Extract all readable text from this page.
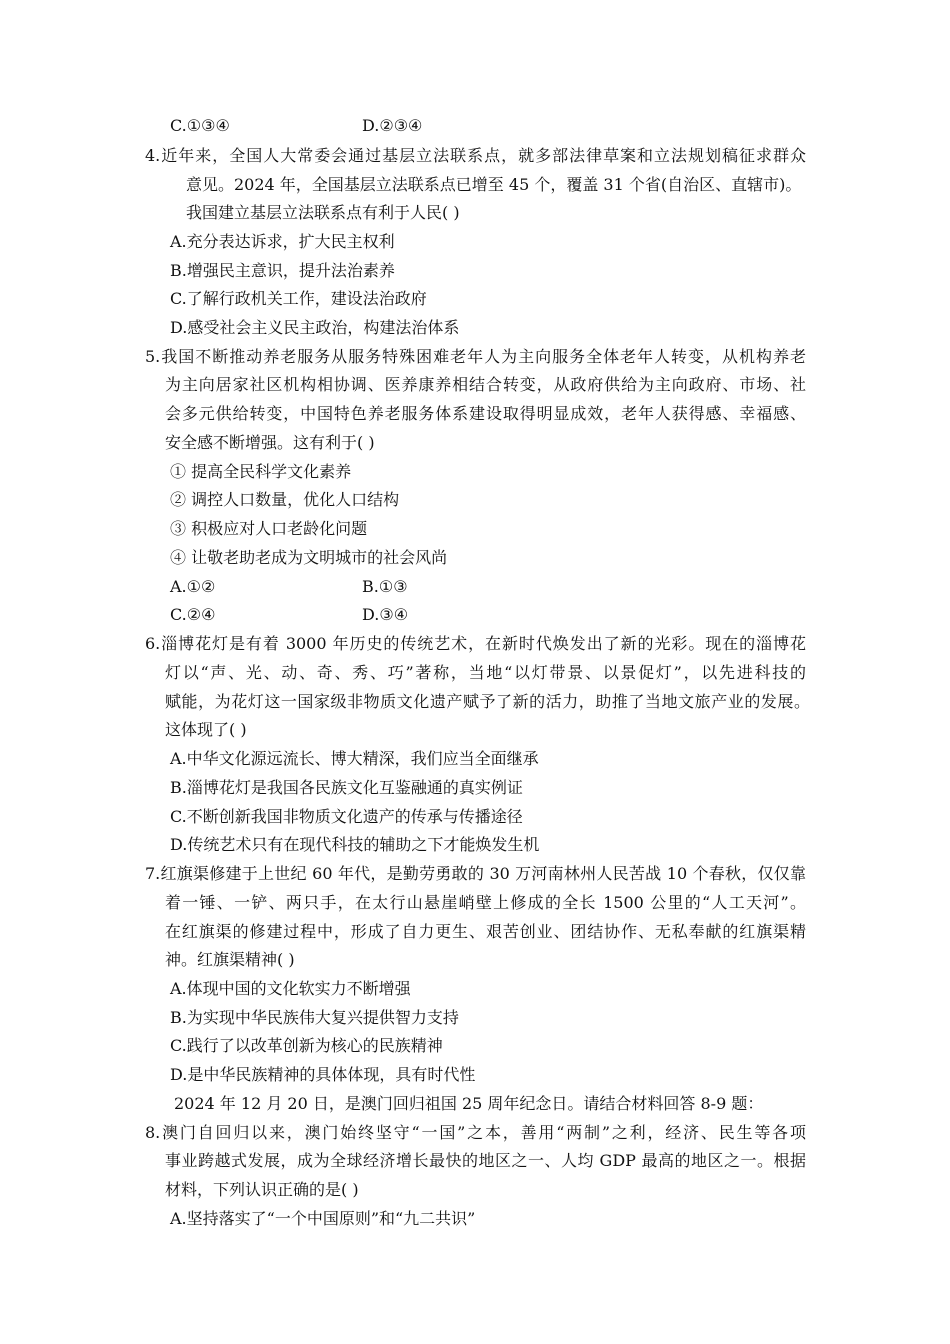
C.①③④	D.②③④
4.近年来，全国人大常委会通过基层立法联系点，就多部法律草案和立法规划稿征求群众
意见。2024 年，全国基层立法联系点已增至 45 个，覆盖 31 个省(自治区、直辖市)。
我国建立基层立法联系点有利于人民( )
A.充分表达诉求，扩大民主权利
B.增强民主意识，提升法治素养
C.了解行政机关工作，建设法治政府
D.感受社会主义民主政治，构建法治体系
5.我国不断推动养老服务从服务特殊困难老年人为主向服务全体老年人转变，从机构养老
为主向居家社区机构相协调、医养康养相结合转变，从政府供给为主向政府、市场、社
会多元供给转变，中国特色养老服务体系建设取得明显成效，老年人获得感、幸福感、
安全感不断增强。这有利于( )
① 提高全民科学文化素养
② 调控人口数量，优化人口结构
③ 积极应对人口老龄化问题
④ 让敬老助老成为文明城市的社会风尚
A.①②	B.①③
C.②④	D.③④
6.淄博花灯是有着 3000 年历史的传统艺术，在新时代焕发出了新的光彩。现在的淄博花
灯以“声、光、动、奇、秀、巧”著称，当地“以灯带景、以景促灯”，以先进科技的
赋能，为花灯这一国家级非物质文化遗产赋予了新的活力，助推了当地文旅产业的发展。
这体现了( )
A.中华文化源远流长、博大精深，我们应当全面继承
B.淄博花灯是我国各民族文化互鉴融通的真实例证
C.不断创新我国非物质文化遗产的传承与传播途径
D.传统艺术只有在现代科技的辅助之下才能焕发生机
7.红旗渠修建于上世纪 60 年代，是勤劳勇敢的 30 万河南林州人民苦战 10 个春秋，仅仅靠
着一锤、一铲、两只手，在太行山悬崖峭壁上修成的全长 1500 公里的“人工天河”。
在红旗渠的修建过程中，形成了自力更生、艰苦创业、团结协作、无私奉献的红旗渠精
神。红旗渠精神( )
A.体现中国的文化软实力不断增强
B.为实现中华民族伟大复兴提供智力支持
C.践行了以改革创新为核心的民族精神
D.是中华民族精神的具体体现，具有时代性
2024 年 12 月 20 日，是澳门回归祖国 25 周年纪念日。请结合材料回答 8-9 题：
8.澳门自回归以来，澳门始终坚守“一国”之本，善用“两制”之利，经济、民生等各项
事业跨越式发展，成为全球经济增长最快的地区之一、人均 GDP 最高的地区之一。根据
材料，下列认识正确的是( )
A.坚持落实了“一个中国原则”和“九二共识”
